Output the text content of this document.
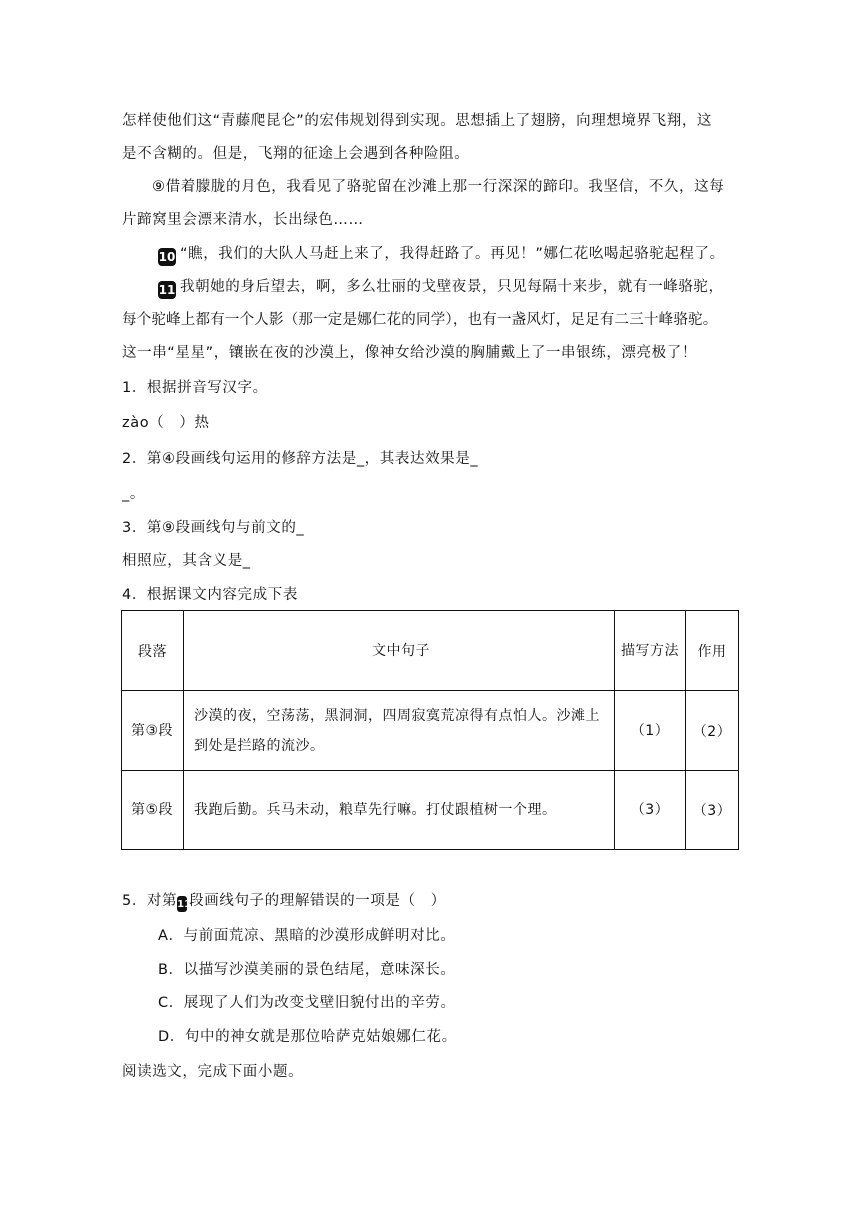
怎样使他们这“青藤爬昆仑”的宏伟规划得到实现。思想插上了翅膀，向理想境界飞翔，这
是不含糊的。但是，飞翔的征途上会遇到各种险阻。
⑨借着朦胧的月色，我看见了骆驼留在沙滩上那一行深深的蹄印。我坚信，不久，这每
片蹄窝里会漂来清水，长出绿色……
10 “瞧，我们的大队人马赶上来了，我得赶路了。再见！”娜仁花吆喝起骆驼起程了。
11 我朝她的身后望去，啊，多么壮丽的戈壁夜景，只见每隔十来步，就有一峰骆驼，
每个驼峰上都有一个人影（那一定是娜仁花的同学），也有一盏风灯，足足有二三十峰骆驼。
这一串“星星”，镶嵌在夜的沙漠上，像神女给沙漠的胸脯戴上了一串银练，漂亮极了！
1．根据拼音写汉字。
zào（　）热
2．第④段画线句运用的修辞方法是_，其表达效果是_
_。
3．第⑨段画线句与前文的_
相照应，其含义是_
4．根据课文内容完成下表
段落	文中句子	描写方法	作用
第③段	沙漠的夜，空荡荡，黑洞洞，四周寂寞荒凉得有点怕人。沙滩上到处是拦路的流沙。	（1）	（2）
第⑤段	我跑后勤。兵马未动，粮草先行嘛。打仗跟植树一个理。	（3）	（3）
5．对第11段画线句子的理解错误的一项是（　）
A．与前面荒凉、黑暗的沙漠形成鲜明对比。
B．以描写沙漠美丽的景色结尾，意味深长。
C．展现了人们为改变戈壁旧貌付出的辛劳。
D．句中的神女就是那位哈萨克姑娘娜仁花。
阅读选文，完成下面小题。
